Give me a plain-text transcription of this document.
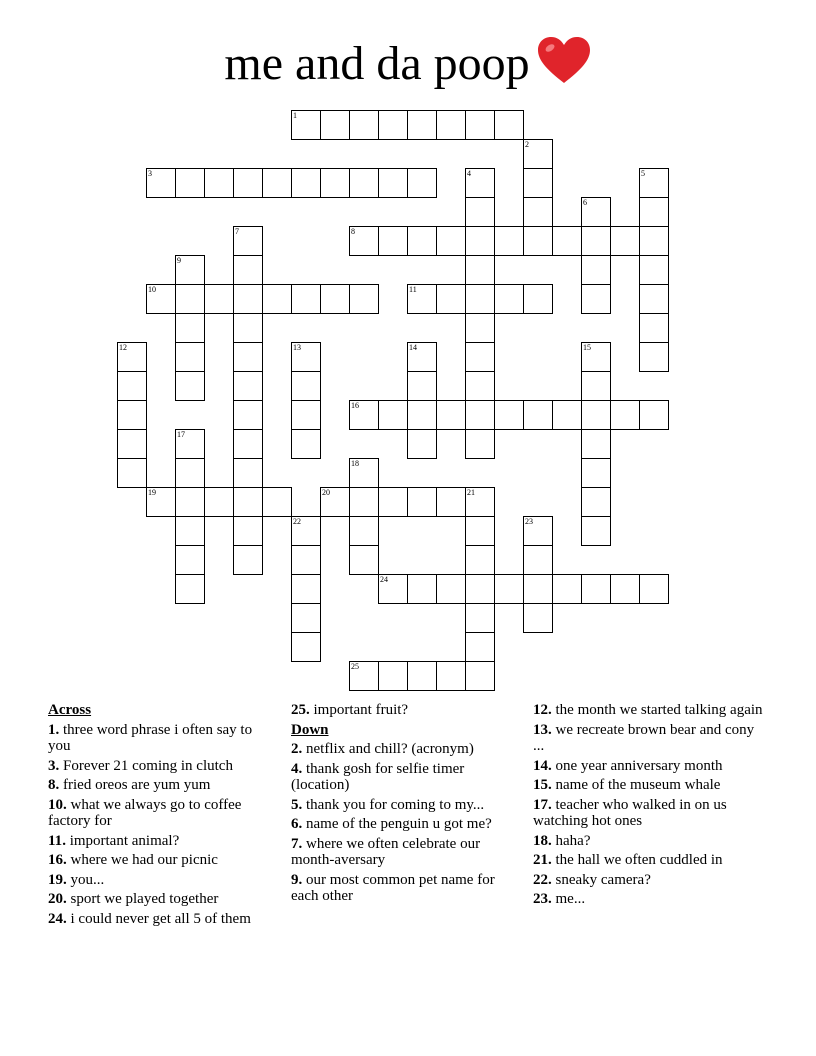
me and da poop
1
3
8
10	11
16
19	20	21
24
25
2
4	5
6
7
9
12	13	14	15
17
18
22	23
Across
1. three word phrase i often say to you
3. Forever 21 coming in clutch
8. fried oreos are yum yum
10. what we always go to coffee factory for
11. important animal?
16. where we had our picnic
19. you...
20. sport we played together
24. i could never get all 5 of them
25. important fruit?
Down
2. netflix and chill? (acronym)
4. thank gosh for selfie timer (location)
5. thank you for coming to my...
6. name of the penguin u got me?
7. where we often celebrate our month-aversary
9. our most common pet name for each other
12. the month we started talking again
13. we recreate brown bear and cony ...
14. one year anniversary month
15. name of the museum whale
17. teacher who walked in on us watching hot ones
18. haha?
21. the hall we often cuddled in
22. sneaky camera?
23. me...
